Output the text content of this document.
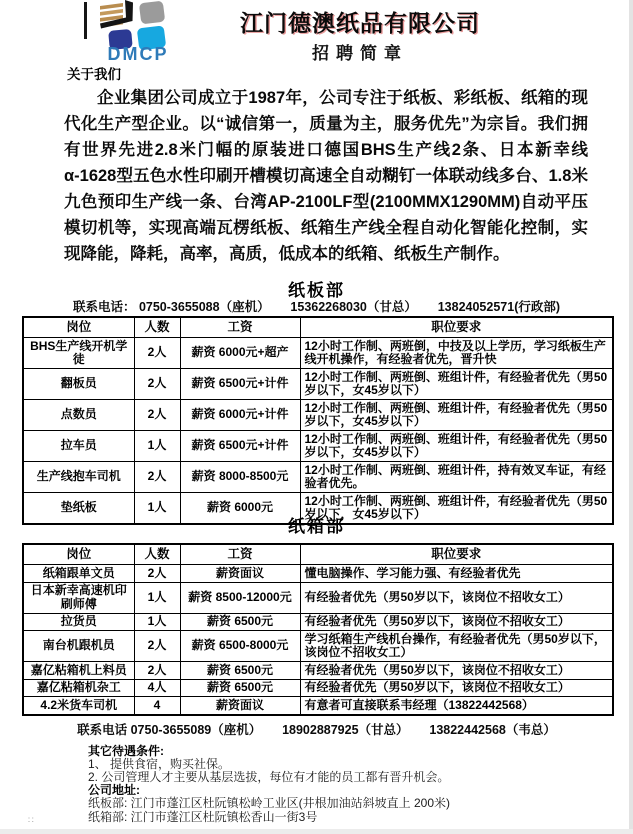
DMCP
江门德澳纸品有限公司
招聘简章
关于我们
企业集团公司成立于1987年，公司专注于纸板、彩纸板、纸箱的现代化生产型企业。以“诚信第一，质量为主，服务优先”为宗旨。我们拥有世界先进2.8米门幅的原装进口德国BHS生产线2条、日本新幸线α-1628型五色水性印刷开槽模切高速全自动糊钉一体联动线多台、1.8米九色预印生产线一条、台湾AP-2100LF型(2100MMX1290MM)自动平压模切机等，实现高端瓦楞纸板、纸箱生产线全程自动化智能化控制，实现降能，降耗，高率，高质，低成本的纸箱、纸板生产制作。
纸板部
联系电话： 0750-3655088（座机）      15362268030（甘总）      13824052571(行政部)
岗位	人数	工资	职位要求
BHS生产线开机学徒	2人	薪资 6000元+超产	12小时工作制、两班倒，中技及以上学历，学习纸板生产线开机操作，有经验者优先，晋升快
翻板员	2人	薪资 6500元+计件	12小时工作制、两班倒、班组计件，有经验者优先（男50岁以下，女45岁以下）
点数员	2人	薪资 6000元+计件	12小时工作制、两班倒、班组计件，有经验者优先（男50岁以下，女45岁以下）
拉车员	1人	薪资 6500元+计件	12小时工作制、两班倒、班组计件，有经验者优先（男50岁以下，女45岁以下）
生产线抱车司机	2人	薪资 8000-8500元	12小时工作制、两班倒、班组计件，持有效叉车证，有经验者优先。
垫纸板	1人	薪资 6000元	12小时工作制、两班倒、班组计件，有经验者优先（男50岁以下，女45岁以下）
纸箱部
岗位	人数	工资	职位要求
纸箱跟单文员	2人	薪资面议	懂电脑操作、学习能力强、有经验者优先
日本新幸高速机印刷师傅	1人	薪资 8500-12000元	有经验者优先（男50岁以下，该岗位不招收女工）
拉货员	1人	薪资 6500元	有经验者优先（男50岁以下，该岗位不招收女工）
南台机跟机员	2人	薪资 6500-8000元	学习纸箱生产线机台操作，有经验者优先（男50岁以下，该岗位不招收女工）
嘉亿粘箱机上料员	2人	薪资 6500元	有经验者优先（男50岁以下，该岗位不招收女工）
嘉亿粘箱机杂工	4人	薪资 6500元	有经验者优先（男50岁以下，该岗位不招收女工）
4.2米货车司机	4	薪资面议	有意者可直接联系韦经理（13822442568）
联系电话 0750-3655089（座机）      18902887925（甘总）      13822442568（韦总）
其它待遇条件:
1、 提供食宿，购买社保。
2. 公司管理人才主要从基层选拔，每位有才能的员工都有晋升机会。
公司地址:
纸板部: 江门市蓬江区杜阮镇松岭工业区(井根加油站斜坡直上 200米)
纸箱部: 江门市蓬江区杜阮镇松香山一街3号
∷
